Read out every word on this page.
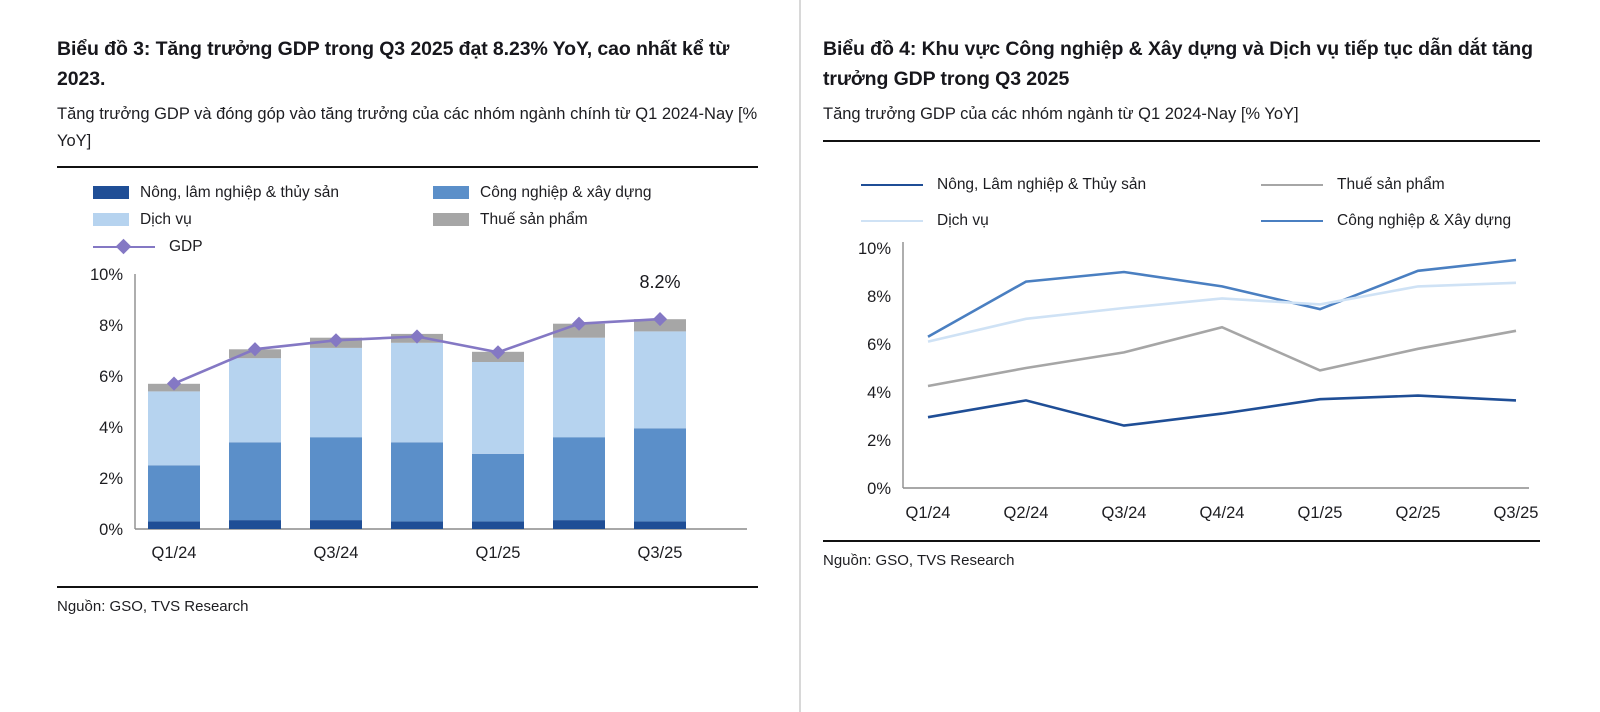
Biểu đồ 3: Tăng trưởng GDP trong Q3 2025 đạt 8.23% YoY, cao nhất kể từ 2023.
Tăng trưởng GDP và đóng góp vào tăng trưởng của các nhóm ngành chính từ Q1 2024-Nay [% YoY]
Nông, lâm nghiệp & thủy sản	Công nghiệp & xây dựng
Dịch vụ	Thuế sản phẩm
GDP
10%
8%
6%
4%
2%
0%
8.2%
Q1/24	Q3/24	Q1/25	Q3/25
Nguồn: GSO, TVS Research
Biểu đồ 4: Khu vực Công nghiệp & Xây dựng và Dịch vụ tiếp tục dẫn dắt tăng trưởng GDP trong Q3 2025
Tăng trưởng GDP của các nhóm ngành từ Q1 2024-Nay [% YoY]
Nông, Lâm nghiệp & Thủy sản	Thuế sản phẩm
Dịch vụ	Công nghiệp & Xây dựng
10%
8%
6%
4%
2%
0%
Q1/24	Q2/24	Q3/24	Q4/24	Q1/25	Q2/25	Q3/25
Nguồn: GSO, TVS Research
